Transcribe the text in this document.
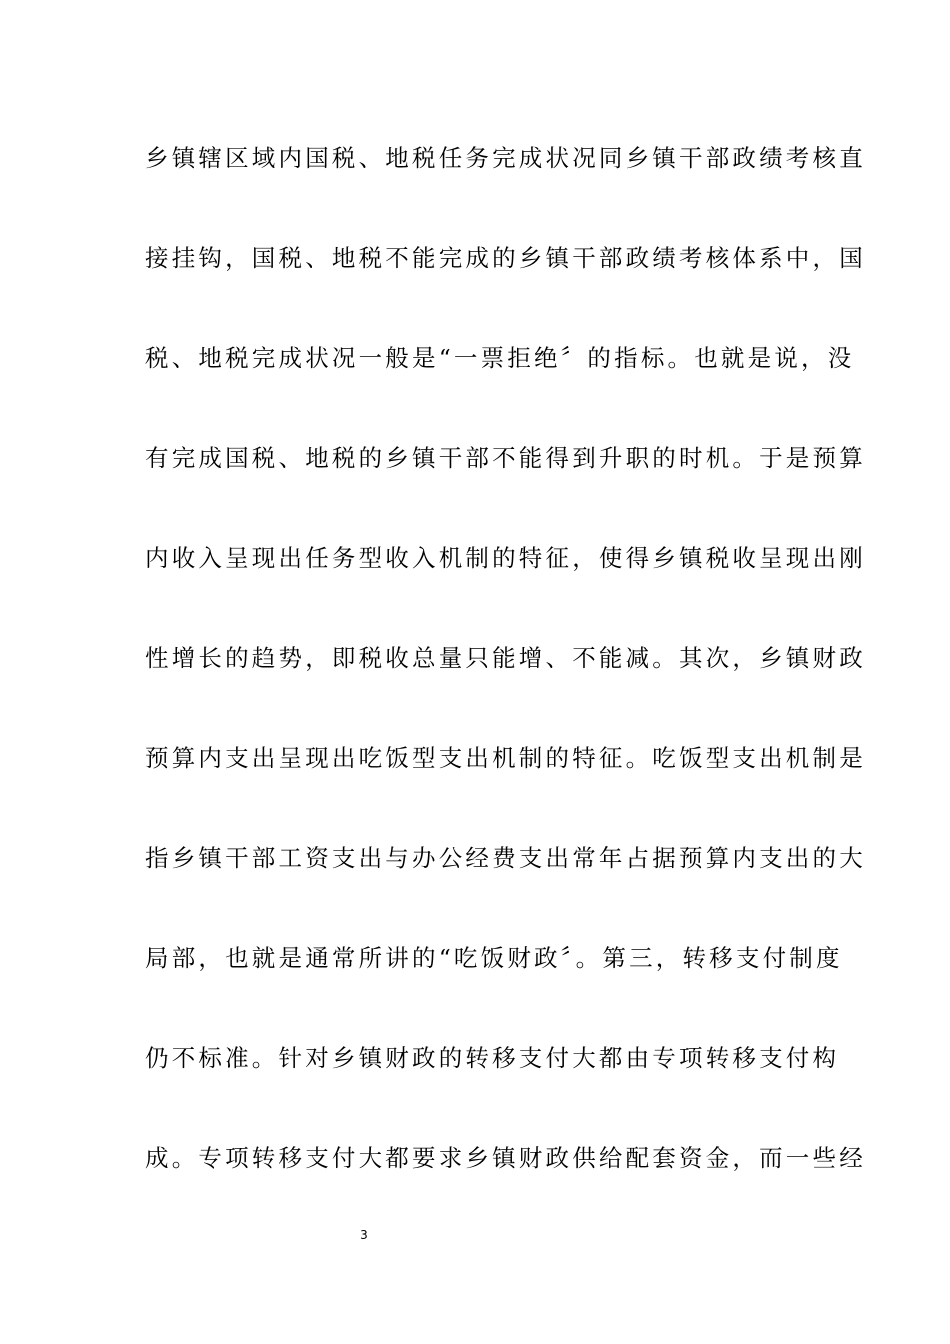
乡镇辖区域内国税、地税任务完成状况同乡镇干部政绩考核直
接挂钩，国税、地税不能完成的乡镇干部政绩考核体系中，国
税、地税完成状况一般是“一票拒绝〞的指标。也就是说，没
有完成国税、地税的乡镇干部不能得到升职的时机。于是预算
内收入呈现出任务型收入机制的特征，使得乡镇税收呈现出刚
性增长的趋势，即税收总量只能增、不能减。其次，乡镇财政
预算内支出呈现出吃饭型支出机制的特征。吃饭型支出机制是
指乡镇干部工资支出与办公经费支出常年占据预算内支出的大
局部，也就是通常所讲的“吃饭财政〞。第三，转移支付制度
仍不标准。针对乡镇财政的转移支付大都由专项转移支付构
成。专项转移支付大都要求乡镇财政供给配套资金，而一些经
3
